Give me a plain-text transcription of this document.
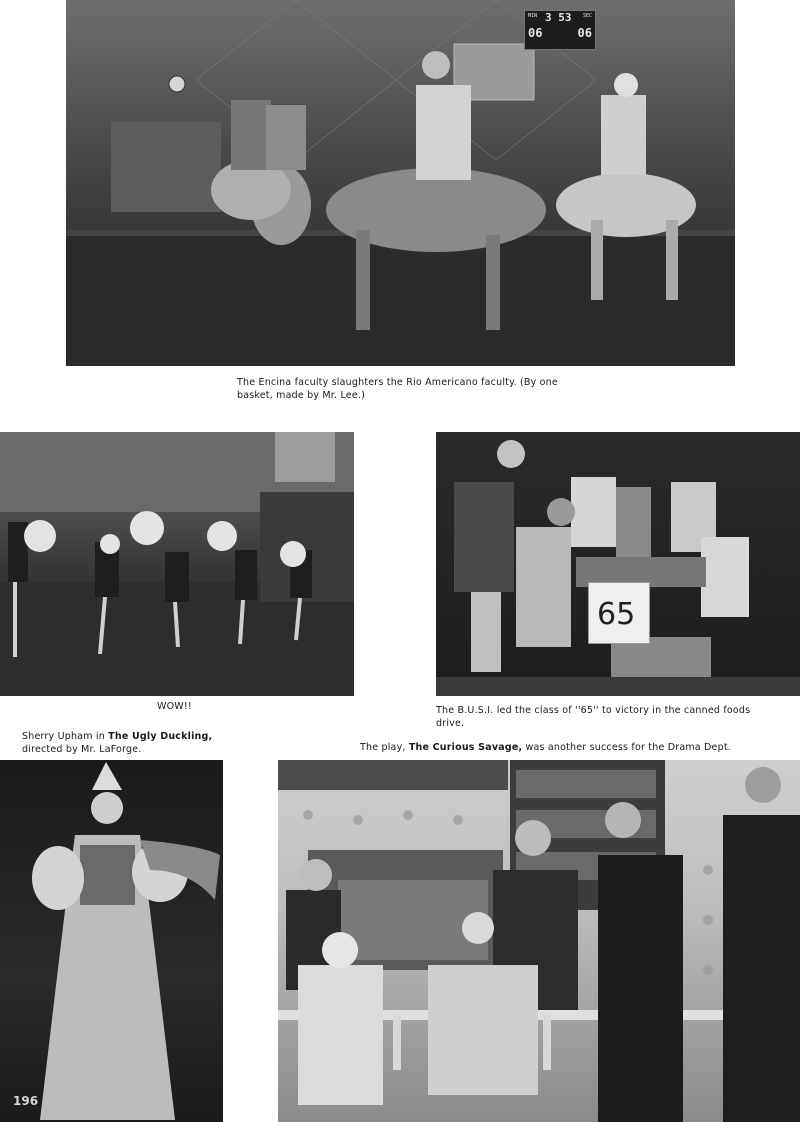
MIN 3 53 SEC
06	06
The Encina faculty slaughters the Rio Americano faculty. (By one basket, made by Mr. Lee.)
65
WOW!!	The B.U.S.I. led the class of ''65'' to victory in the canned foods drive.
Sherry Upham in The Ugly Duckling,
directed by Mr. LaForge.	The play, The Curious Savage, was another success for the Drama Dept.
196
